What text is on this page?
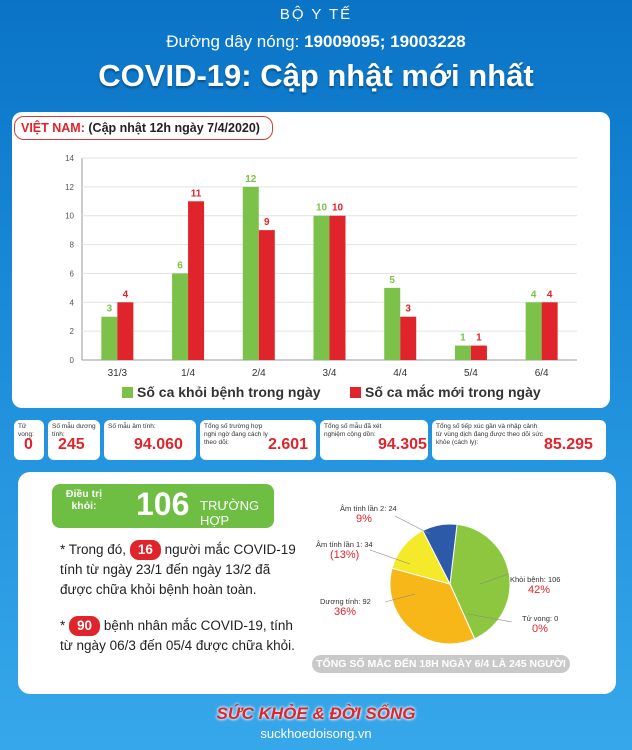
BỘ Y TẾ
Đường dây nóng: 19009095; 19003228
COVID-19: Cập nhật mới nhất
VIỆT NAM: (Cập nhật 12h ngày 7/4/2020)
0
2
4
6
8
10
12
14
3
4
31/3
6
11
1/4
12
9
2/4
10 10
3/4
5
3
4/4
1 1
5/4
4 4
6/4
Số ca khỏi bệnh trong ngày	Số ca mắc mới trong ngày
Tử vong:
0
Số mẫu dương tính:
245
Số mẫu âm tính:
94.060
Tổng số trường hợp nghi ngờ đang cách ly theo dõi:	2.601
Tổng số mẫu đã xét nghiệm cộng dồn:
94.305
Tổng số tiếp xúc gần và nhập cảnh từ vùng dịch đang được theo dõi sức khỏe (cách ly):	85.295
Điều trị khỏi:	106 TRƯỜNG HỢP
* Trong đó, 16 người mắc COVID-19 tính từ ngày 23/1 đến ngày 13/2 đã được chữa khỏi bệnh hoàn toàn.
* 90 bệnh nhân mắc COVID-19, tính từ ngày 06/3 đến 05/4 được chữa khỏi.
Âm tính lần 2: 24
9%
Âm tính lần 1: 34
(13%)
Dương tính: 92
36%
Khỏi bệnh: 106
42%
Tử vong: 0
0%
TỔNG SỐ MẮC ĐẾN 18H NGÀY 6/4 LÀ 245 NGƯỜI
SỨC KHỎE & ĐỜI SỐNG
suckhoedoisong.vn
